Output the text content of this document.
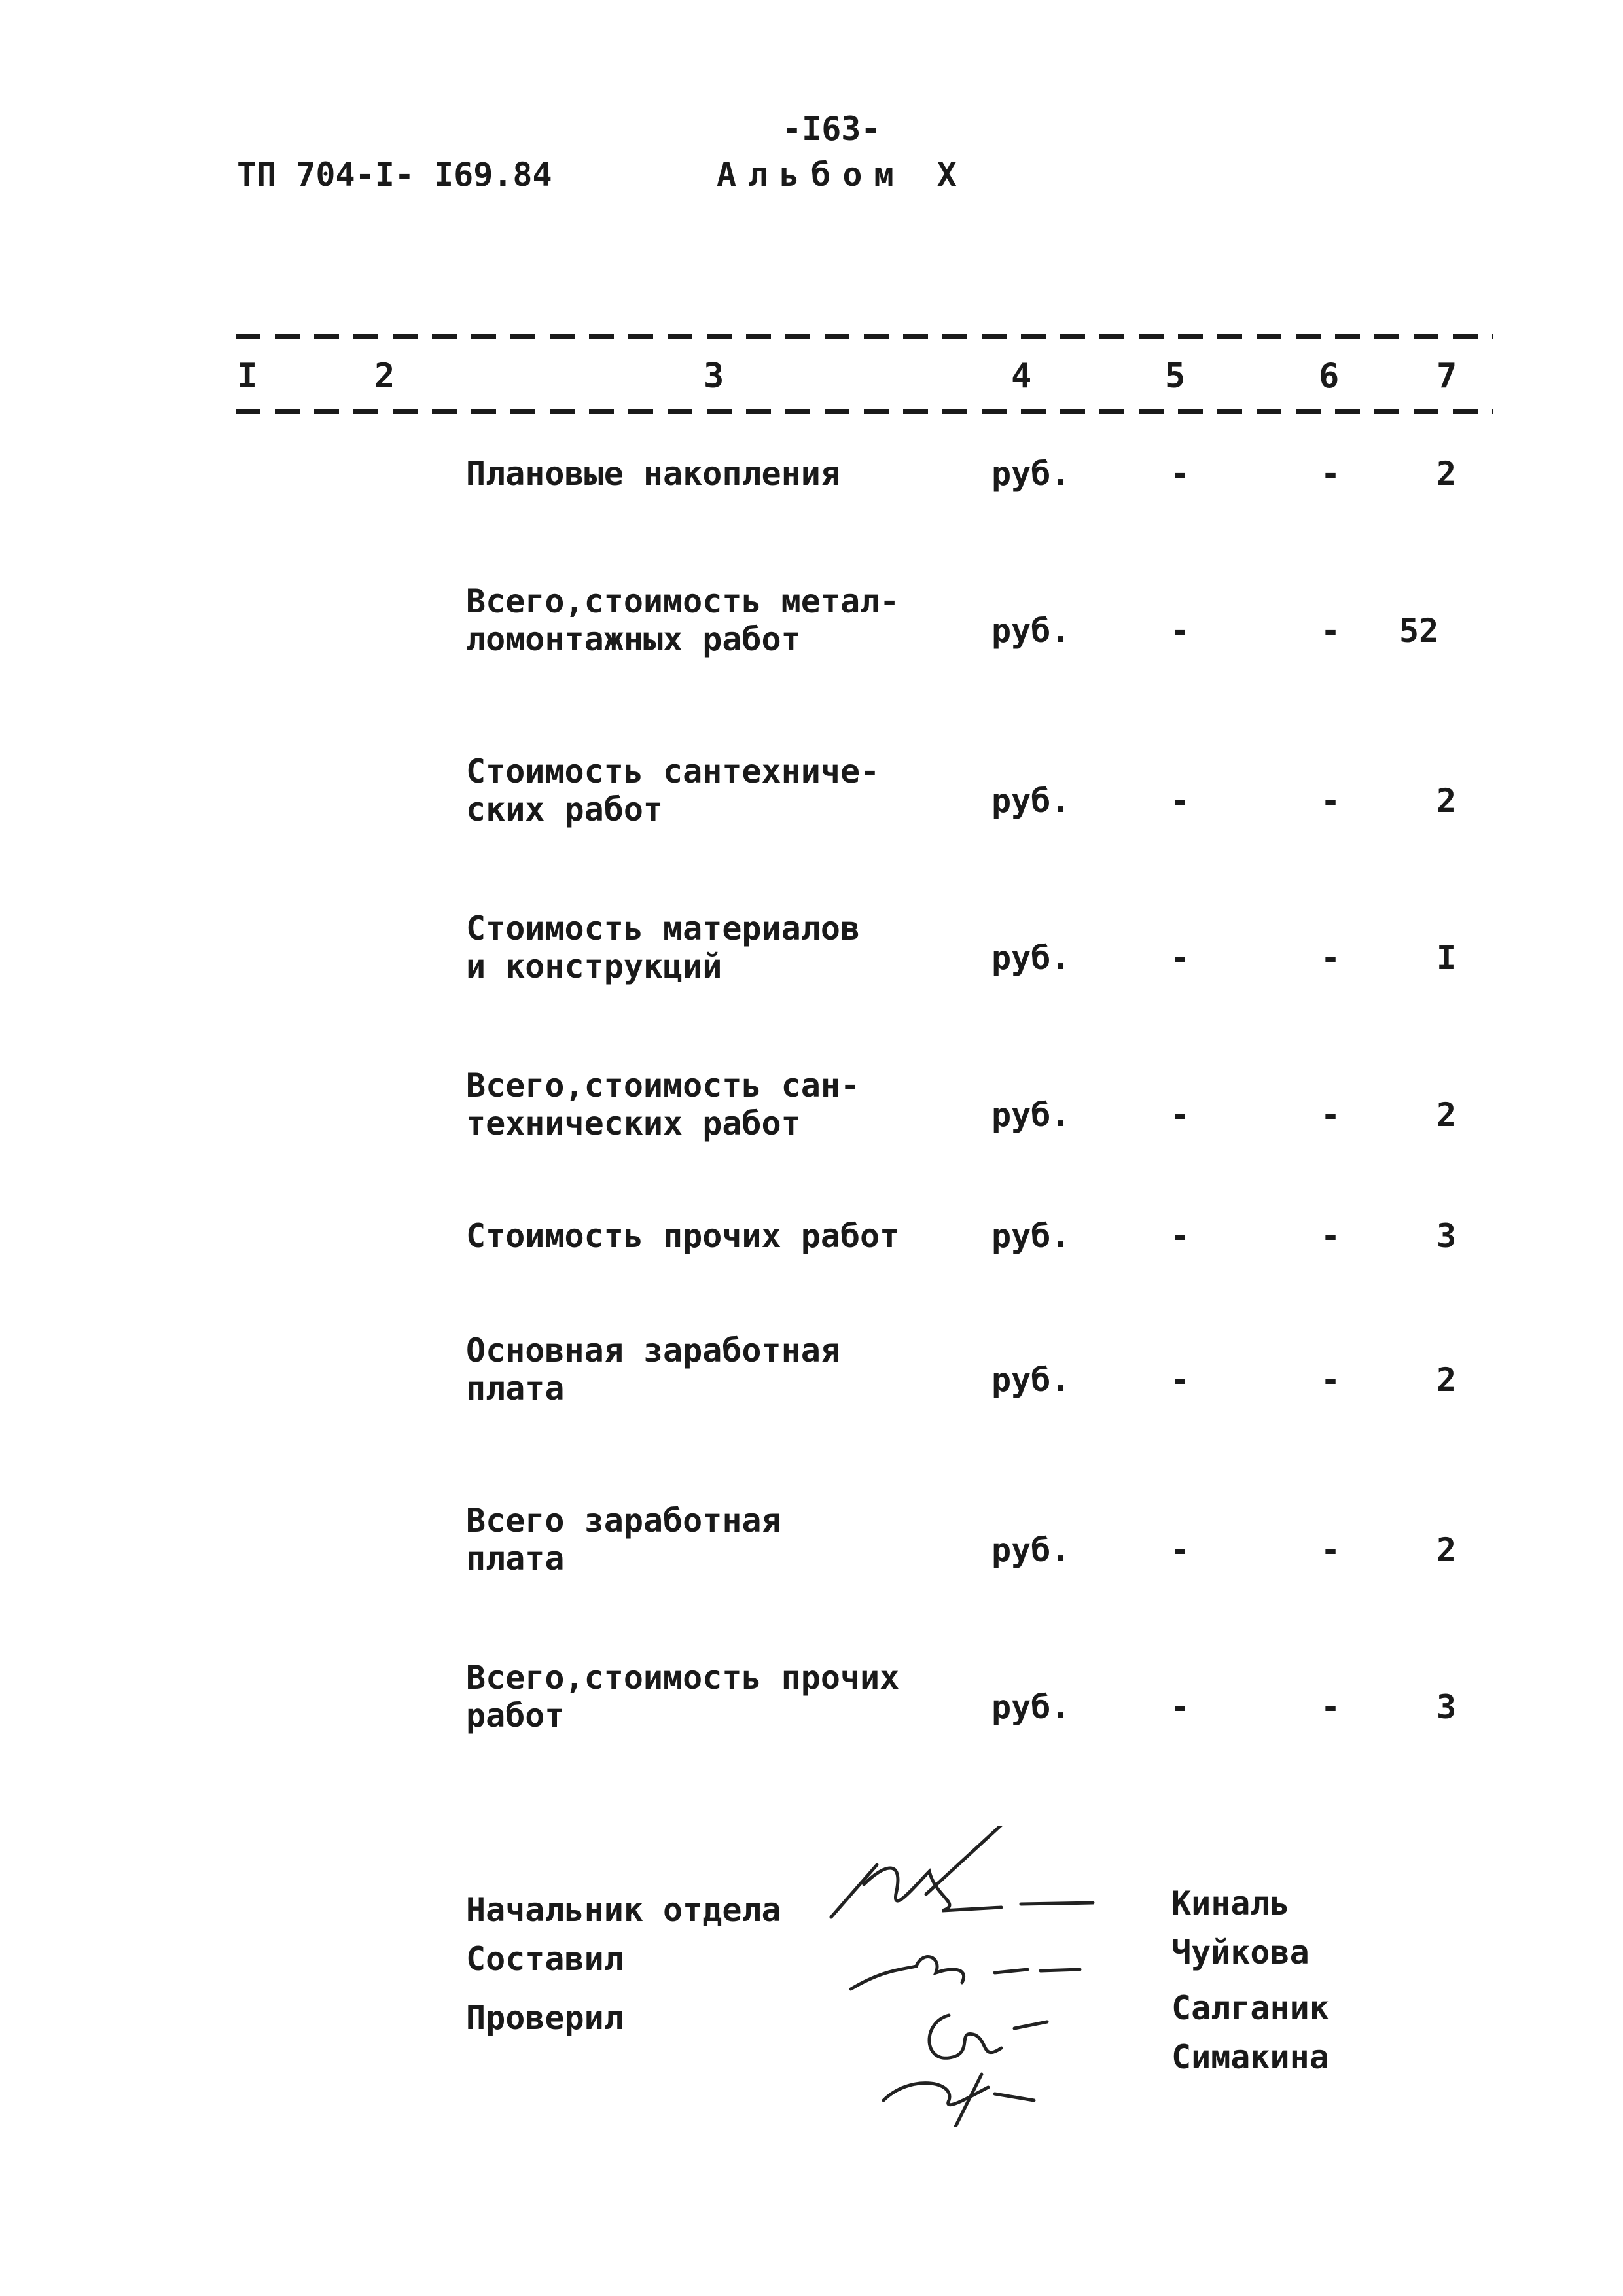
-I63-
ТП 704-I- I69.84	Альбом Х
I	2	3	4	5	6	7
Плановые накопления	руб.	-	-	2
Всего,стоимость метал-
ломонтажных работ	руб.	-	- 52
Стоимость сантехниче-
ских работ	руб.	-	-	2
Стоимость материалов
и конструкций	руб.	-	-	I
Всего,стоимость сан-
технических работ	руб.	-	-	2
Стоимость прочих работ	руб.	-	-	3
Основная заработная
плата	руб.	-	-	2
Всего заработная
плата	руб.	-	-	2
Всего,стоимость прочих
работ	руб.	-	-	3
Начальник отдела
Составил
Проверил
Киналь
Чуйкова
Салганик
Симакина
